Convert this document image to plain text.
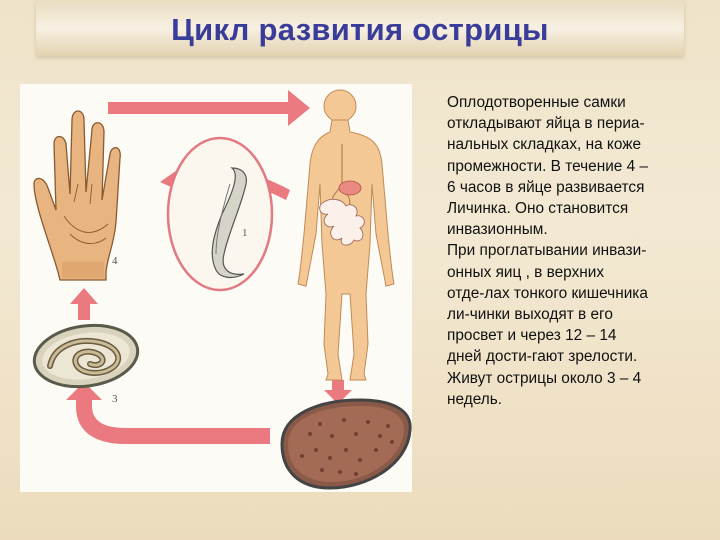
Цикл развития острицы
4
1
3

Оплодотворенные самки
откладывают яйца в периа-
нальных складках, на коже
промежности. В течение 4 –
6 часов в яйце развивается
Личинка. Оно становится
инвазионным.

При проглатывании инвази-
онных яиц , в верхних
отде-лах тонкого кишечника
ли-чинки выходят в его
просвет и через 12 – 14
дней дости-гают зрелости.
Живут острицы около 3 – 4
недель.
